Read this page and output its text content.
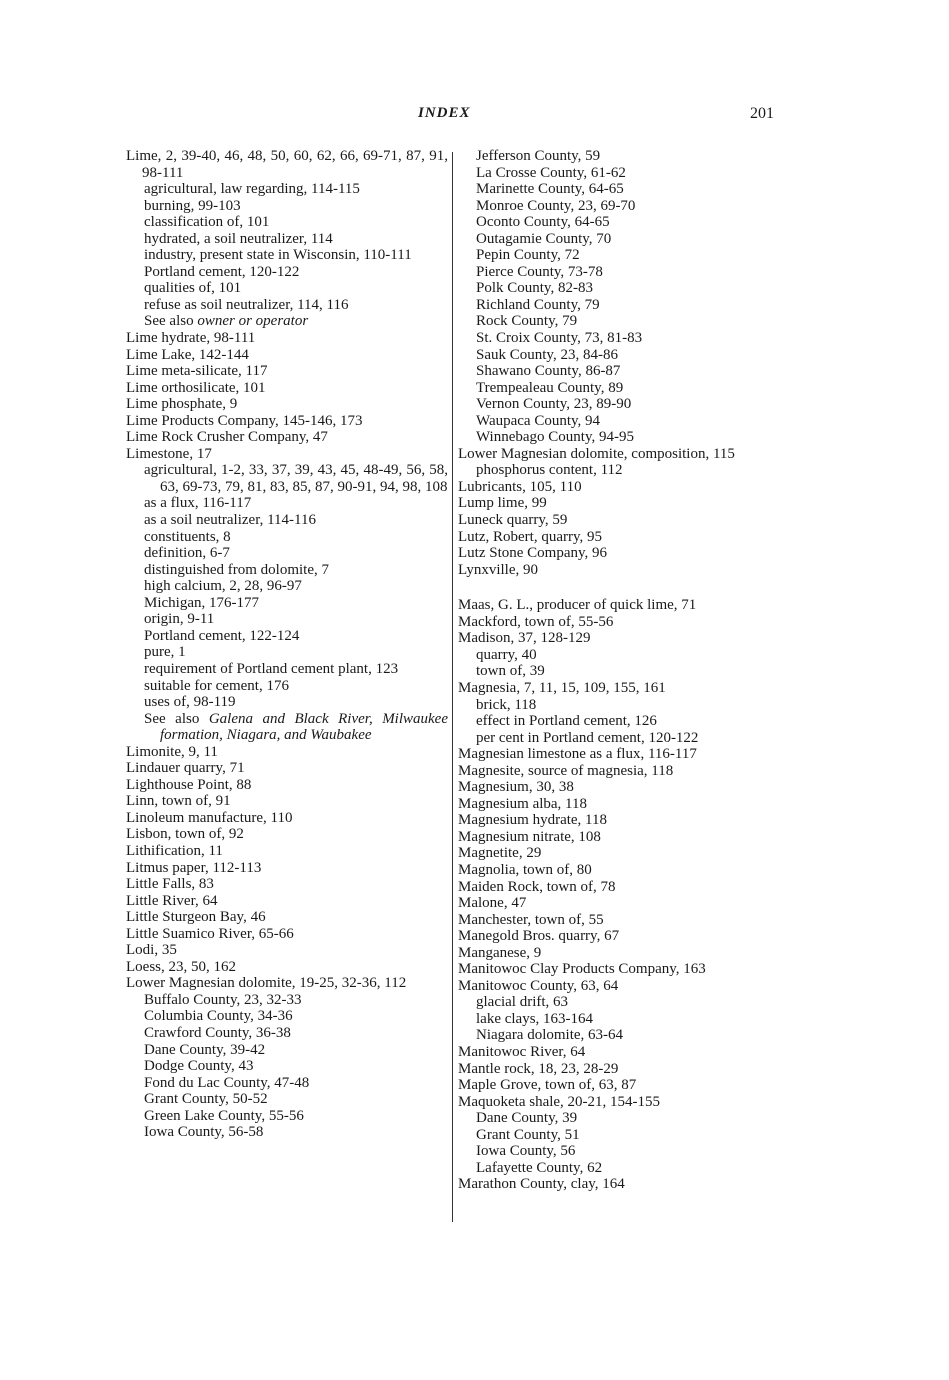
INDEX	201
Lime, 2, 39-40, 46, 48, 50, 60, 62, 66, 69-71, 87, 91, 98-111
agricultural, law regarding, 114-115
burning, 99-103
classification of, 101
hydrated, a soil neutralizer, 114
industry, present state in Wisconsin, 110-111
Portland cement, 120-122
qualities of, 101
refuse as soil neutralizer, 114, 116
See also owner or operator
Lime hydrate, 98-111
Lime Lake, 142-144
Lime meta-silicate, 117
Lime orthosilicate, 101
Lime phosphate, 9
Lime Products Company, 145-146, 173
Lime Rock Crusher Company, 47
Limestone, 17
agricultural, 1-2, 33, 37, 39, 43, 45, 48-49, 56, 58, 63, 69-73, 79, 81, 83, 85, 87, 90-91, 94, 98, 108
as a flux, 116-117
as a soil neutralizer, 114-116
constituents, 8
definition, 6-7
distinguished from dolomite, 7
high calcium, 2, 28, 96-97
Michigan, 176-177
origin, 9-11
Portland cement, 122-124
pure, 1
requirement of Portland cement plant, 123
suitable for cement, 176
uses of, 98-119
See also Galena and Black River, Milwaukee formation, Niagara, and Waubakee
Limonite, 9, 11
Lindauer quarry, 71
Lighthouse Point, 88
Linn, town of, 91
Linoleum manufacture, 110
Lisbon, town of, 92
Lithification, 11
Litmus paper, 112-113
Little Falls, 83
Little River, 64
Little Sturgeon Bay, 46
Little Suamico River, 65-66
Lodi, 35
Loess, 23, 50, 162
Lower Magnesian dolomite, 19-25, 32-36, 112
Buffalo County, 23, 32-33
Columbia County, 34-36
Crawford County, 36-38
Dane County, 39-42
Dodge County, 43
Fond du Lac County, 47-48
Grant County, 50-52
Green Lake County, 55-56
Iowa County, 56-58
Jefferson County, 59
La Crosse County, 61-62
Marinette County, 64-65
Monroe County, 23, 69-70
Oconto County, 64-65
Outagamie County, 70
Pepin County, 72
Pierce County, 73-78
Polk County, 82-83
Richland County, 79
Rock County, 79
St. Croix County, 73, 81-83
Sauk County, 23, 84-86
Shawano County, 86-87
Trempealeau County, 89
Vernon County, 23, 89-90
Waupaca County, 94
Winnebago County, 94-95
Lower Magnesian dolomite, composition, 115
phosphorus content, 112
Lubricants, 105, 110
Lump lime, 99
Luneck quarry, 59
Lutz, Robert, quarry, 95
Lutz Stone Company, 96
Lynxville, 90
Maas, G. L., producer of quick lime, 71
Mackford, town of, 55-56
Madison, 37, 128-129
quarry, 40
town of, 39
Magnesia, 7, 11, 15, 109, 155, 161
brick, 118
effect in Portland cement, 126
per cent in Portland cement, 120-122
Magnesian limestone as a flux, 116-117
Magnesite, source of magnesia, 118
Magnesium, 30, 38
Magnesium alba, 118
Magnesium hydrate, 118
Magnesium nitrate, 108
Magnetite, 29
Magnolia, town of, 80
Maiden Rock, town of, 78
Malone, 47
Manchester, town of, 55
Manegold Bros. quarry, 67
Manganese, 9
Manitowoc Clay Products Company, 163
Manitowoc County, 63, 64
glacial drift, 63
lake clays, 163-164
Niagara dolomite, 63-64
Manitowoc River, 64
Mantle rock, 18, 23, 28-29
Maple Grove, town of, 63, 87
Maquoketa shale, 20-21, 154-155
Dane County, 39
Grant County, 51
Iowa County, 56
Lafayette County, 62
Marathon County, clay, 164
